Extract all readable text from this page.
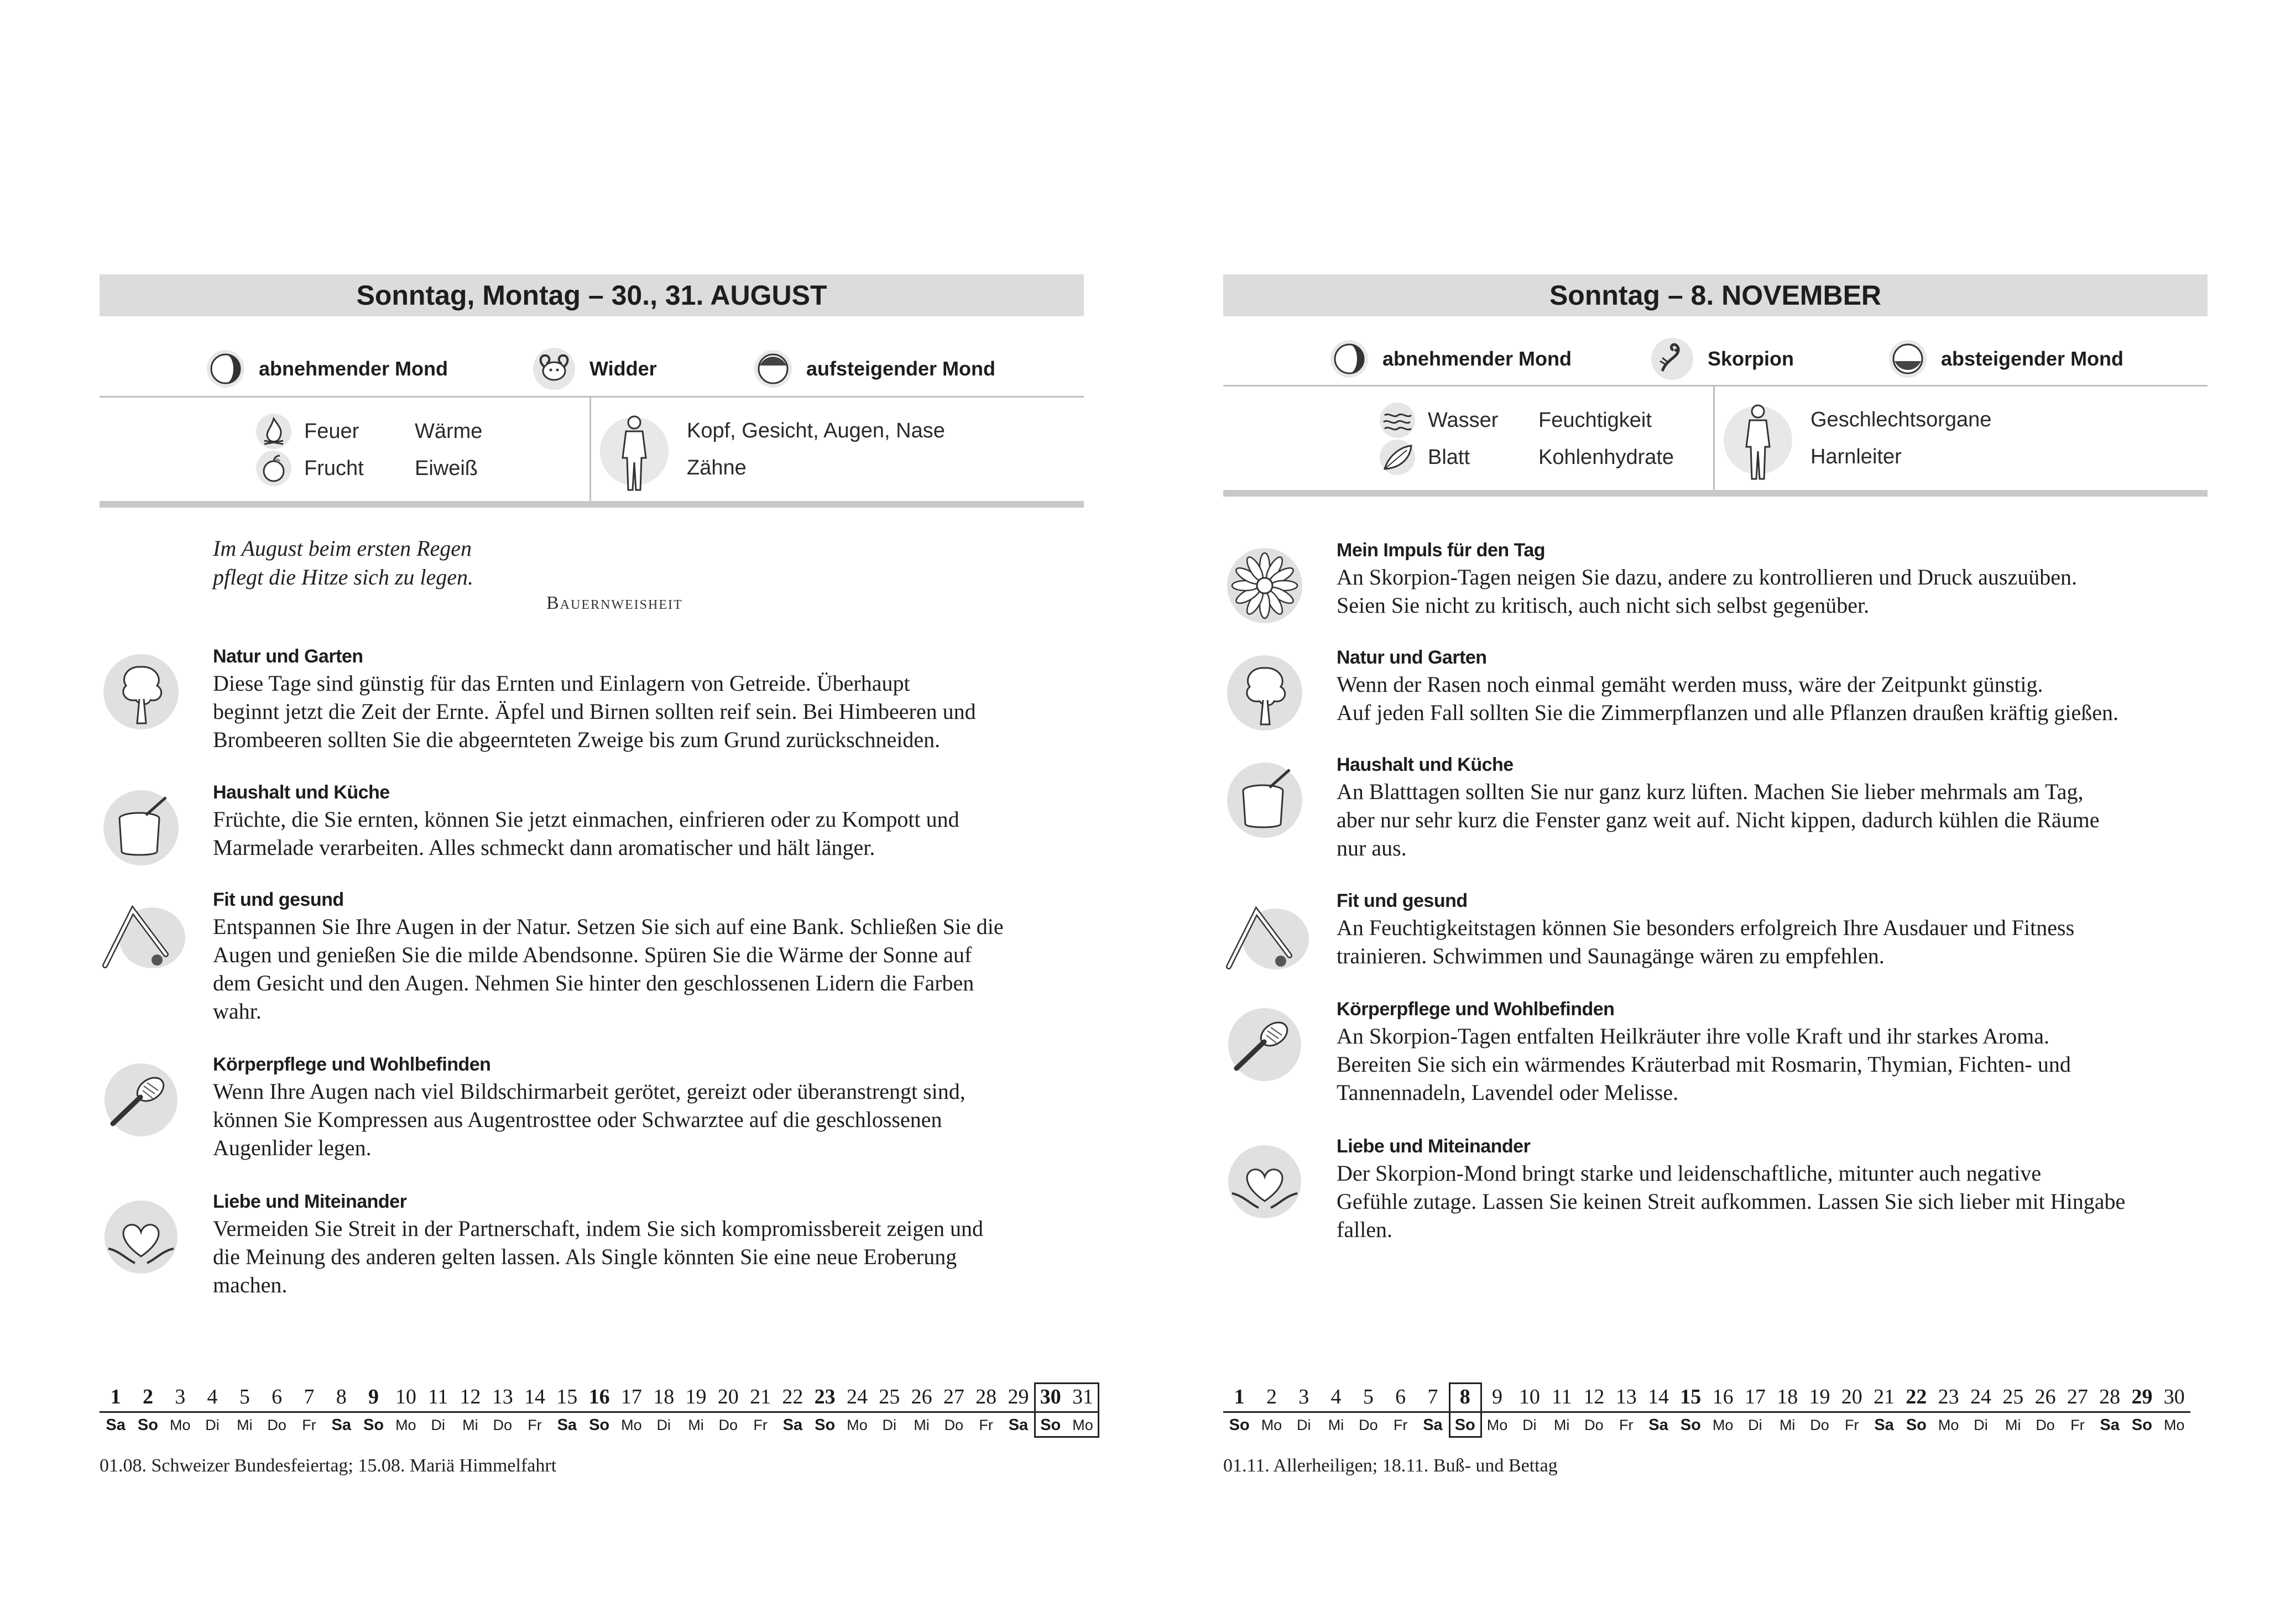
Sonntag, Montag – 30., 31. AUGUST
abnehmender Mond	Widder	aufsteigender Mond
Feuer	Wärme
Frucht Eiweiß
Kopf, Gesicht, Augen, Nase
Zähne
Im August beim ersten Regen
pflegt die Hitze sich zu legen.
Bauernweisheit
Natur und Garten
Diese Tage sind günstig für das Ernten und Einlagern von Getreide. Überhaupt
beginnt jetzt die Zeit der Ernte. Äpfel und Birnen sollten reif sein. Bei Himbeeren und
Brombeeren sollten Sie die abgeernteten Zweige bis zum Grund zurückschneiden.
Haushalt und Küche
Früchte, die Sie ernten, können Sie jetzt einmachen, einfrieren oder zu Kompott und
Marmelade verarbeiten. Alles schmeckt dann aromatischer und hält länger.
Fit und gesund
Entspannen Sie Ihre Augen in der Natur. Setzen Sie sich auf eine Bank. Schließen Sie die
Augen und genießen Sie die milde Abendsonne. Spüren Sie die Wärme der Sonne auf
dem Gesicht und den Augen. Nehmen Sie hinter den geschlossenen Lidern die Farben
wahr.
Körperpflege und Wohlbefinden
Wenn Ihre Augen nach viel Bildschirmarbeit gerötet, gereizt oder überanstrengt sind,
können Sie Kompressen aus Augentrosttee oder Schwarztee auf die geschlossenen
Augenlider legen.
Liebe und Miteinander
Vermeiden Sie Streit in der Partnerschaft, indem Sie sich kompromissbereit zeigen und
die Meinung des anderen gelten lassen. Als Single könnten Sie eine neue Eroberung
machen.
1	2	3	4	5	6	7	8	9 10 11 12 13 14 15 16 17 18 19 20 21 22 23 24 25 26 27 28 29 30 31
Sa So Mo Di	Mi Do	Fr Sa So Mo Di	Mi Do	Fr Sa So Mo Di	Mi Do	Fr Sa So Mo Di	Mi Do	Fr Sa So Mo
01.08. Schweizer Bundesfeiertag; 15.08. Mariä Himmelfahrt
Sonntag – 8. NOVEMBER
abnehmender Mond	Skorpion	absteigender Mond
Wasser Feuchtigkeit
Blatt	Kohlenhydrate
Geschlechtsorgane
Harnleiter
Mein Impuls für den Tag
An Skorpion-Tagen neigen Sie dazu, andere zu kontrollieren und Druck auszuüben.
Seien Sie nicht zu kritisch, auch nicht sich selbst gegenüber.
Natur und Garten
Wenn der Rasen noch einmal gemäht werden muss, wäre der Zeitpunkt günstig.
Auf jeden Fall sollten Sie die Zimmerpflanzen und alle Pflanzen draußen kräftig gießen.
Haushalt und Küche
An Blatttagen sollten Sie nur ganz kurz lüften. Machen Sie lieber mehrmals am Tag,
aber nur sehr kurz die Fenster ganz weit auf. Nicht kippen, dadurch kühlen die Räume
nur aus.
Fit und gesund
An Feuchtigkeitstagen können Sie besonders erfolgreich Ihre Ausdauer und Fitness
trainieren. Schwimmen und Saunagänge wären zu empfehlen.
Körperpflege und Wohlbefinden
An Skorpion-Tagen entfalten Heilkräuter ihre volle Kraft und ihr starkes Aroma.
Bereiten Sie sich ein wärmendes Kräuterbad mit Rosmarin, Thymian, Fichten- und
Tannennadeln, Lavendel oder Melisse.
Liebe und Miteinander
Der Skorpion-Mond bringt starke und leidenschaftliche, mitunter auch negative
Gefühle zutage. Lassen Sie keinen Streit aufkommen. Lassen Sie sich lieber mit Hingabe
fallen.
1	2	3	4	5	6	7	8	9 10 11 12 13 14 15 16 17 18 19 20 21 22 23 24 25 26 27 28 29 30
So Mo Di	Mi Do	Fr Sa So Mo Di	Mi Do	Fr Sa So Mo Di	Mi Do	Fr Sa So Mo Di	Mi Do	Fr Sa So Mo
01.11. Allerheiligen; 18.11. Buß- und Bettag
